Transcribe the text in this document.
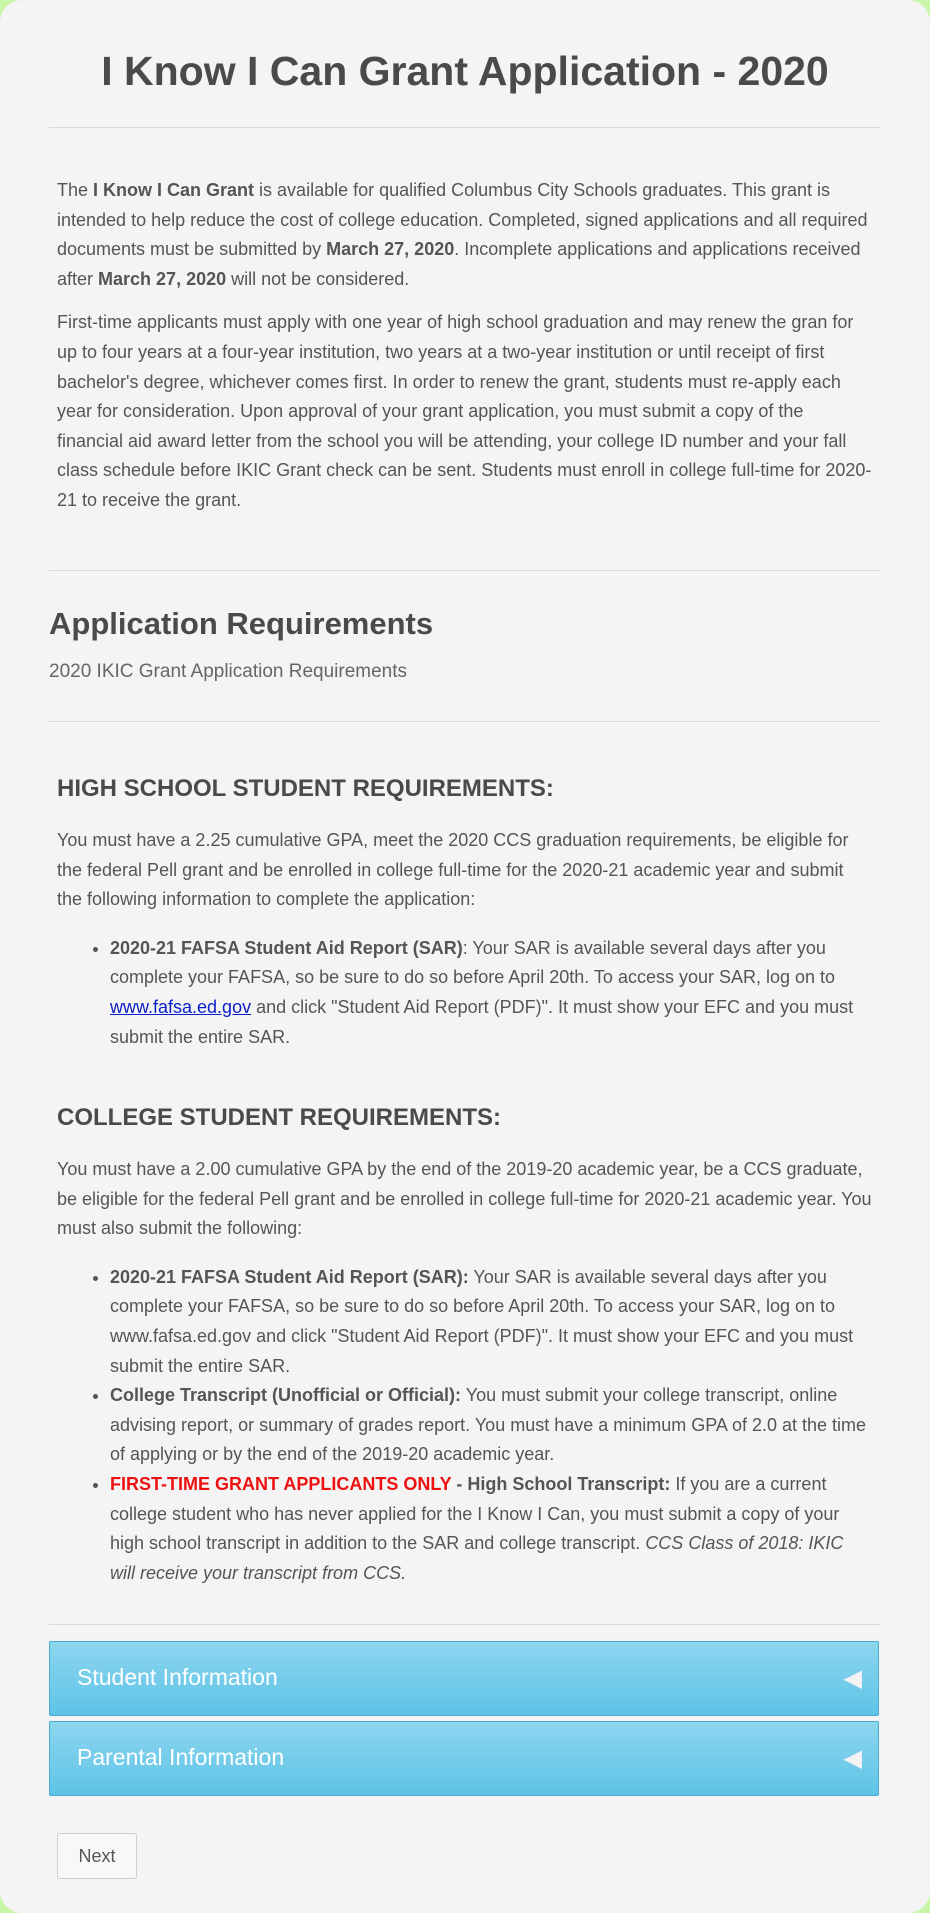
I Know I Can Grant Application - 2020

The I Know I Can Grant is available for qualified Columbus City Schools graduates. This grant is intended to help reduce the cost of college education. Completed, signed applications and all required documents must be submitted by March 27, 2020. Incomplete applications and applications received after March 27, 2020 will not be considered.

First-time applicants must apply with one year of high school graduation and may renew the gran for up to four years at a four-year institution, two years at a two-year institution or until receipt of first bachelor's degree, whichever comes first. In order to renew the grant, students must re-apply each year for consideration. Upon approval of your grant application, you must submit a copy of the financial aid award letter from the school you will be attending, your college ID number and your fall class schedule before IKIC Grant check can be sent. Students must enroll in college full-time for 2020-21 to receive the grant.

Application Requirements
2020 IKIC Grant Application Requirements
HIGH SCHOOL STUDENT REQUIREMENTS:

You must have a 2.25 cumulative GPA, meet the 2020 CCS graduation requirements, be eligible for the federal Pell grant and be enrolled in college full-time for the 2020-21 academic year and submit the following information to complete the application:

• 2020-21 FAFSA Student Aid Report (SAR): Your SAR is available several days after you complete your FAFSA, so be sure to do so before April 20th. To access your SAR, log on to www.fafsa.ed.gov and click "Student Aid Report (PDF)". It must show your EFC and you must submit the entire SAR.
COLLEGE STUDENT REQUIREMENTS:

You must have a 2.00 cumulative GPA by the end of the 2019-20 academic year, be a CCS graduate, be eligible for the federal Pell grant and be enrolled in college full-time for 2020-21 academic year. You must also submit the following:

• 2020-21 FAFSA Student Aid Report (SAR): Your SAR is available several days after you complete your FAFSA, so be sure to do so before April 20th. To access your SAR, log on to www.fafsa.ed.gov and click "Student Aid Report (PDF)". It must show your EFC and you must submit the entire SAR.
• College Transcript (Unofficial or Official): You must submit your college transcript, online advising report, or summary of grades report. You must have a minimum GPA of 2.0 at the time of applying or by the end of the 2019-20 academic year.
• FIRST-TIME GRANT APPLICANTS ONLY - High School Transcript: If you are a current college student who has never applied for the I Know I Can, you must submit a copy of your high school transcript in addition to the SAR and college transcript. CCS Class of 2018: IKIC will receive your transcript from CCS.
Student Information	◀
Parental Information	◀
Next
